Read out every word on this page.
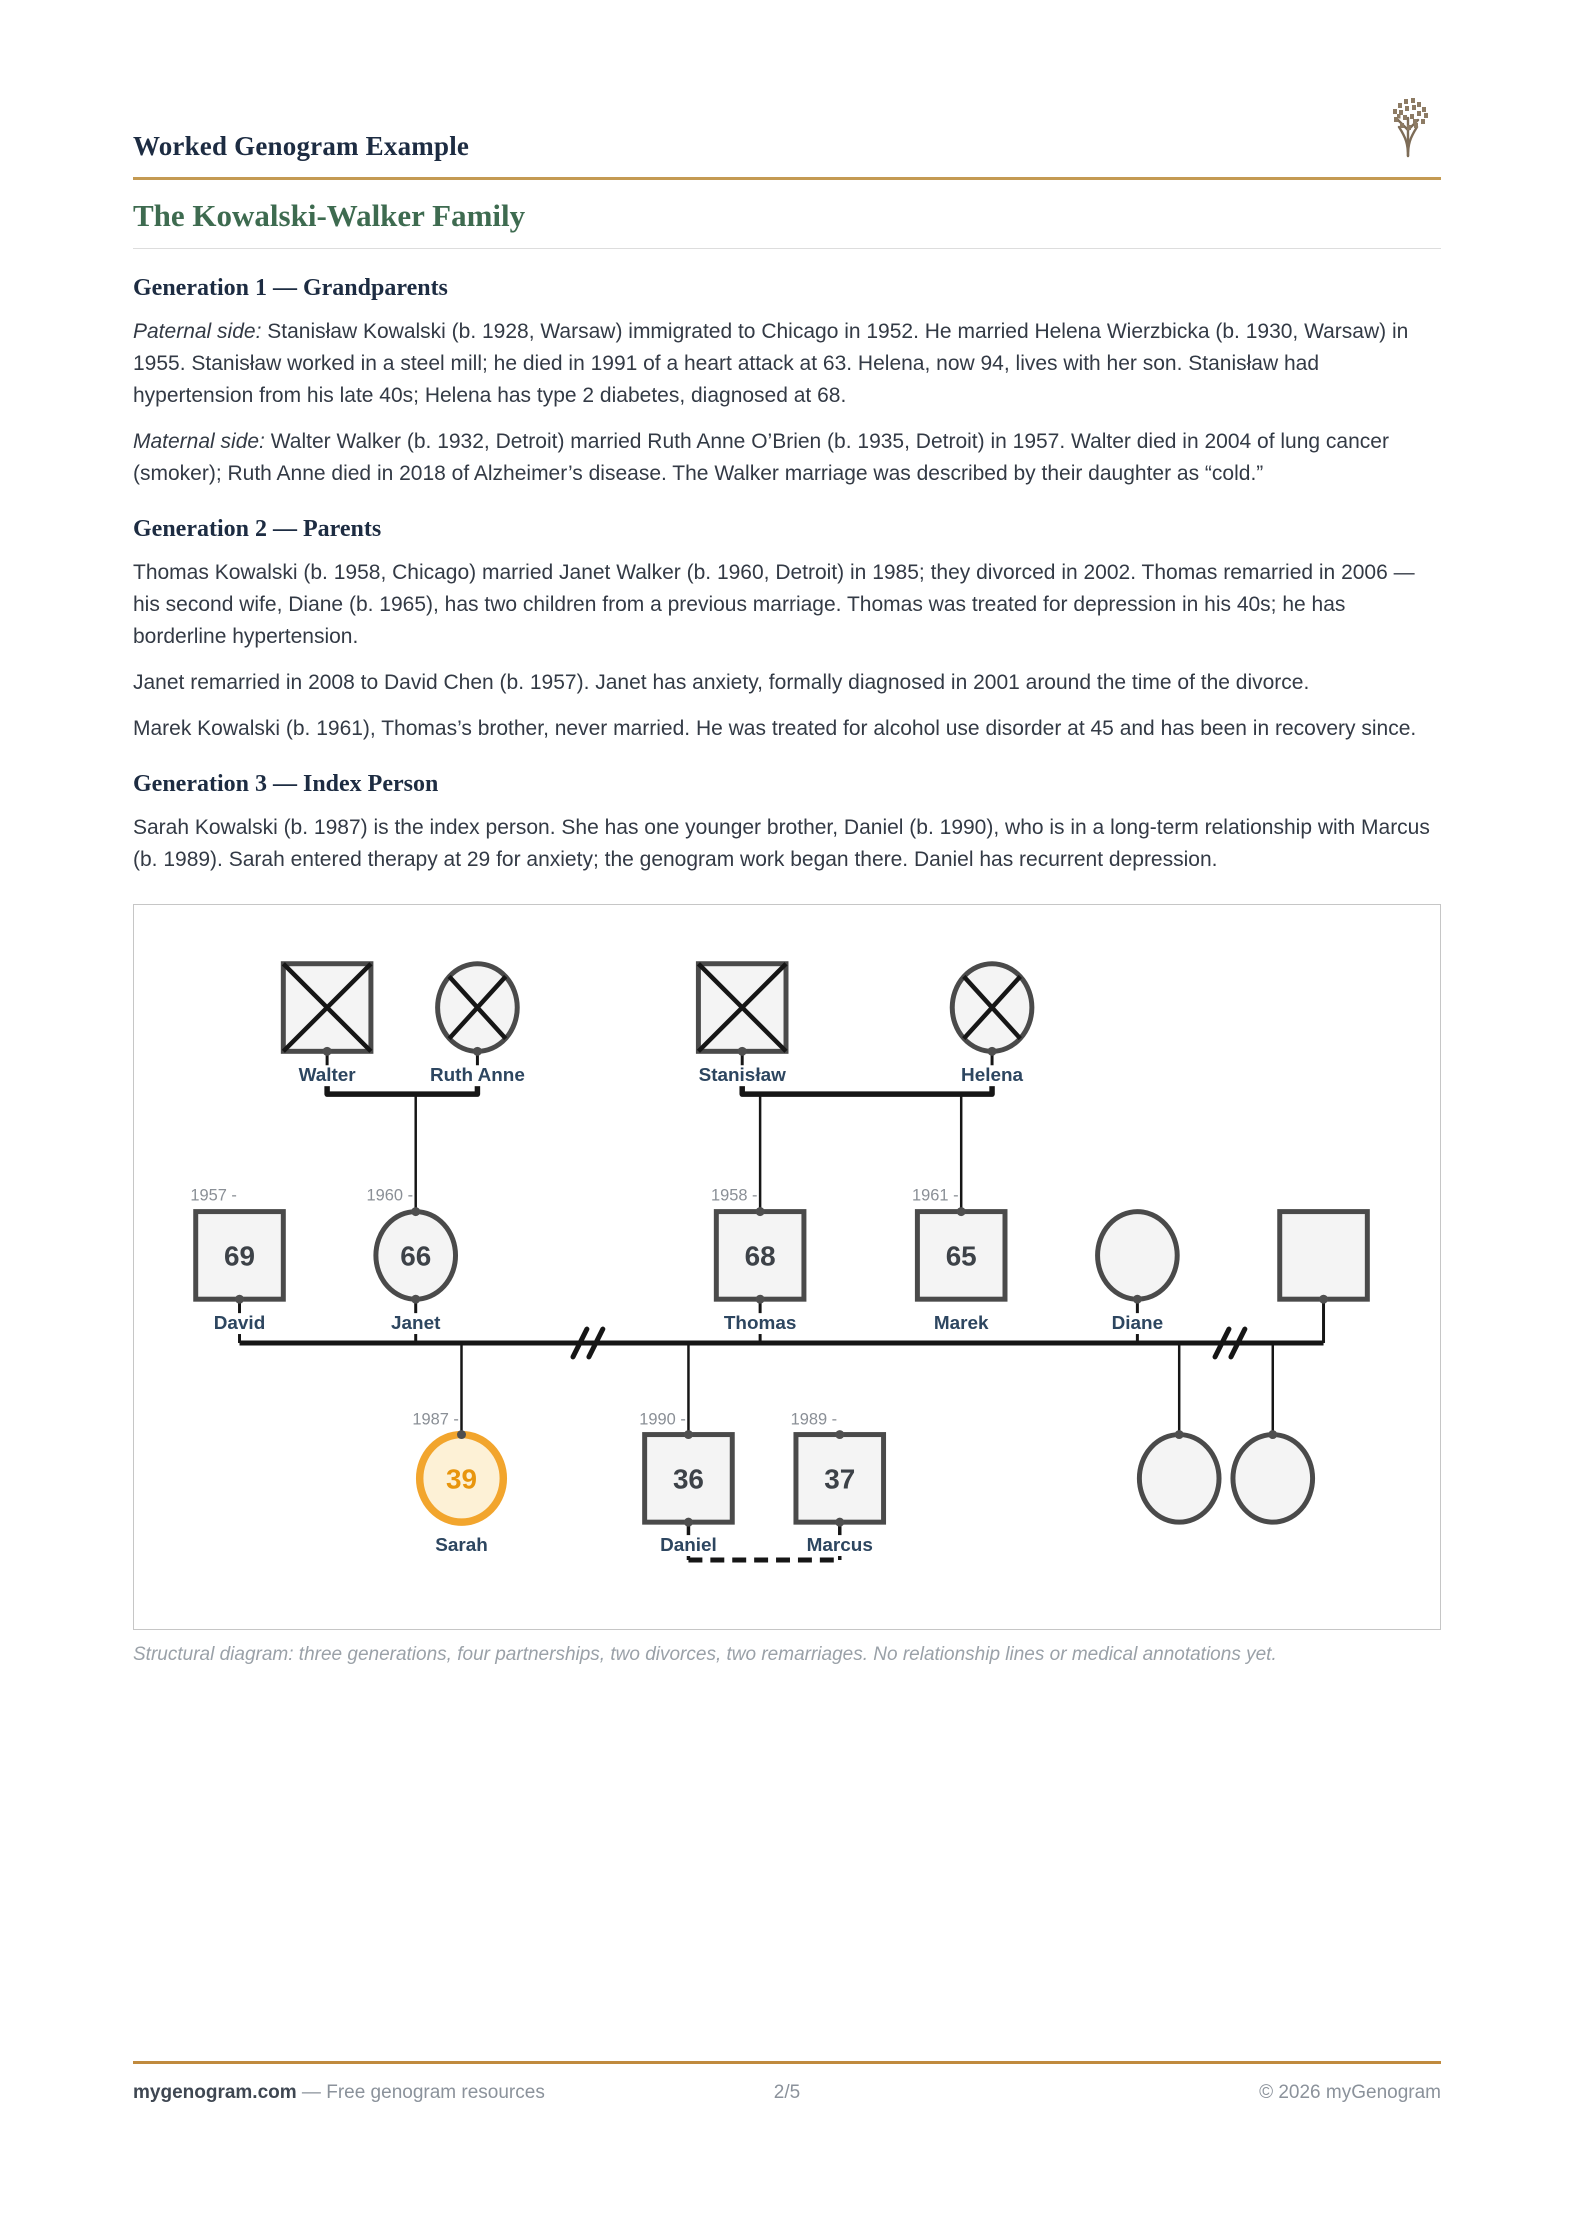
Worked Genogram Example
The Kowalski-Walker Family
Generation 1 — Grandparents

Paternal side: Stanisław Kowalski (b. 1928, Warsaw) immigrated to Chicago in 1952. He married Helena Wierzbicka (b. 1930, Warsaw) in 1955. Stanisław worked in a steel mill; he died in 1991 of a heart attack at 63. Helena, now 94, lives with her son. Stanisław had hypertension from his late 40s; Helena has type 2 diabetes, diagnosed at 68.

Maternal side: Walter Walker (b. 1932, Detroit) married Ruth Anne O’Brien (b. 1935, Detroit) in 1957. Walter died in 2004 of lung cancer (smoker); Ruth Anne died in 2018 of Alzheimer’s disease. The Walker marriage was described by their daughter as “cold.”

Generation 2 — Parents

Thomas Kowalski (b. 1958, Chicago) married Janet Walker (b. 1960, Detroit) in 1985; they divorced in 2002. Thomas remarried in 2006 — his second wife, Diane (b. 1965), has two children from a previous marriage. Thomas was treated for depression in his 40s; he has borderline hypertension.

Janet remarried in 2008 to David Chen (b. 1957). Janet has anxiety, formally diagnosed in 2001 around the time of the divorce.

Marek Kowalski (b. 1961), Thomas’s brother, never married. He was treated for alcohol use disorder at 45 and has been in recovery since.

Generation 3 — Index Person

Sarah Kowalski (b. 1987) is the index person. She has one younger brother, Daniel (b. 1990), who is in a long-term relationship with Marcus (b. 1989). Sarah entered therapy at 29 for anxiety; the genogram work began there. Daniel has recurrent depression.

69	66	68	65
39	36	37
Walter	Ruth Anne	Stanisław	Helena
1957 -
David
1960 -
Janet
1958 -
Thomas
1961 -
Marek	Diane
1987 -
Sarah
1990 -
Daniel
1989 -
Marcus

Structural diagram: three generations, four partnerships, two divorces, two remarriages. No relationship lines or medical annotations yet.

mygenogram.com — Free genogram resources	2/5	© 2026 myGenogram
